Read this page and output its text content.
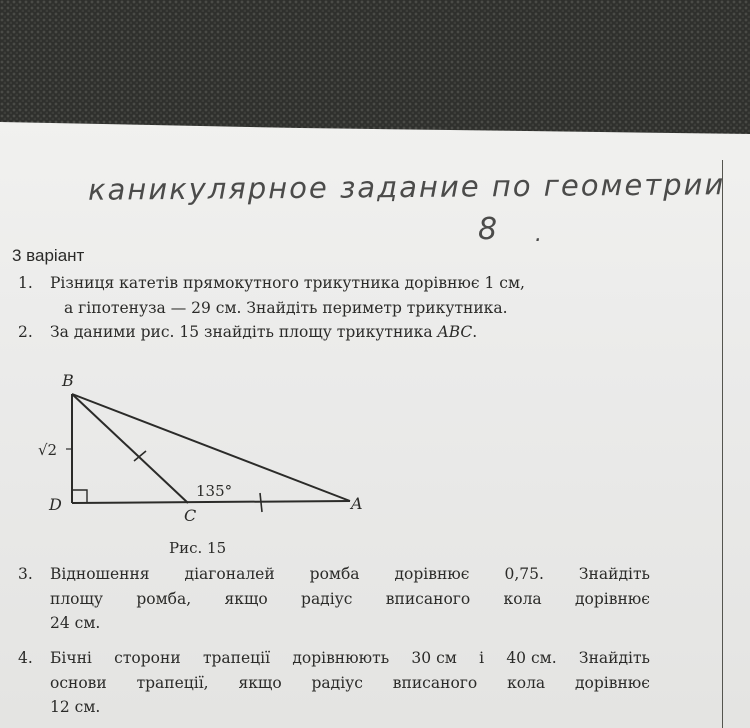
каникулярное задание по геометрии
8 .
3 варіант
1.	Різниця катетів прямокутного трикутника дорівнює 1 см,
а гіпотенуза — 29 см. Знайдіть периметр трикутника.
2.	За даними рис. 15 знайдіть площу трикутника ABC.
B
D
C
A
√2
135°
Рис. 15
3.	Відношення діагоналей ромба дорівнює 0,75. Знайдіть
площу ромба, якщо радіус вписаного кола дорівнює
24 см.
4.	Бічні сторони трапеції дорівнюють 30 см і 40 см. Знайдіть
основи трапеції, якщо радіус вписаного кола дорівнює
12 см.
